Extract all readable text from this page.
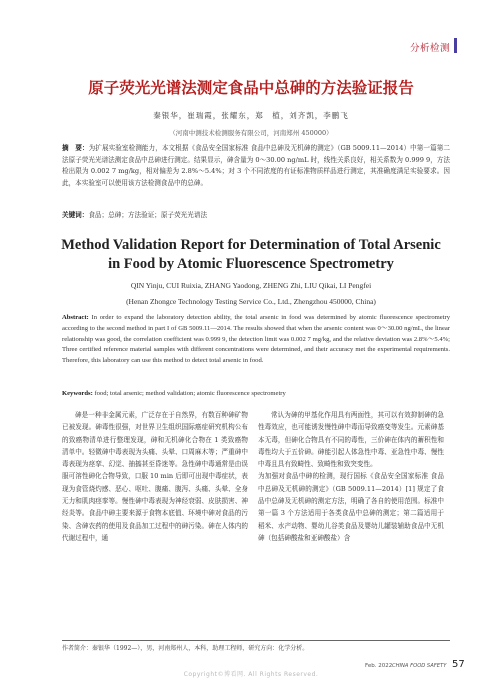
分析检测
原子荧光光谱法测定食品中总砷的方法验证报告
秦银华，崔瑞霞，张耀东，郑　植，刘齐凯，李鹏飞
（河南中测技术检测服务有限公司，河南郑州 450000）
摘　要：为扩展实验室检测能力，本文根据《食品安全国家标准 食品中总砷及无机砷的测定》（GB 5009.11—2014）中第一篇第二法原子荧光光谱法测定食品中总砷进行测定。结果显示，砷含量为 0～30.00 ng/mL 时，线性关系良好，相关系数为 0.999 9，方法检出限为 0.002 7 mg/kg，相对偏差为 2.8%～5.4%；对 3 个不同浓度的有证标准物质样品进行测定，其准确度满足实验要求。因此，本实验室可以使用该方法检测食品中的总砷。
关键词：食品；总砷；方法验证；原子荧光光谱法
Method Validation Report for Determination of Total Arsenic
in Food by Atomic Fluorescence Spectrometry
QIN Yinju, CUI Ruixia, ZHANG Yaodong, ZHENG Zhi, LIU Qikai, LI Pengfei
(Henan Zhongce Technology Testing Service Co., Ltd., Zhengzhou 450000, China)
Abstract: In order to expand the laboratory detection ability, the total arsenic in food was determined by atomic fluorescence spectrometry according to the second method in part I of GB 5009.11—2014. The results showed that when the arsenic content was 0～30.00 ng/mL, the linear relationship was good, the correlation coefficient was 0.999 9, the detection limit was 0.002 7 mg/kg, and the relative deviation was 2.8%～5.4%; Three certified reference material samples with different concentrations were determined, and their accuracy met the experimental requirements. Therefore, this laboratory can use this method to detect total arsenic in food.
Keywords: food; total arsenic; method validation; atomic fluorescence spectrometry
砷是一种非金属元素，广泛存在于自然界，有数百种砷矿物已被发现。砷毒性很强，对世界卫生组织国际癌症研究机构公布的致癌物清单进行整理发现，砷和无机砷化合物在 1 类致癌物清单中。轻微砷中毒表现为头痛、头晕、口周麻木等；严重砷中毒表现为痉挛、幻觉、抽搐甚至昏迷等。急性砷中毒通常是由误服可溶性砷化合物导致，口服 10 min 后即可出现中毒症状，表现为食管烧灼感、恶心、呕吐、腹痛、腹泻、头痛、头晕、全身无力和肌肉痉挛等。慢性砷中毒表现为神经衰弱、皮肤损害、神经炎等。食品中砷主要来源于食物本底值、环境中砷对食品的污染、含砷农药的使用及食品加工过程中的砷污染。砷在人体内的代谢过程中，通
常认为砷的甲基化作用具有两面性，其可以有效抑制砷的急性毒效应，也可能诱发慢性砷中毒而导致癌变等发生。元素砷基本无毒，但砷化合物具有不同的毒性，三价砷在体内的蓄积性和毒性均大于五价砷。砷能引起人体急性中毒、亚急性中毒、慢性中毒且具有致畸性、致畸性和致突变性。
为加强对食品中砷的检测，现行国标《食品安全国家标准 食品中总砷及无机砷的测定》（GB 5009.11—2014）[1] 规定了食品中总砷及无机砷的测定方法，明确了各自的使用范围。标准中第一篇 3 个方法适用于各类食品中总砷的测定；第二篇适用于稻米、水产动物、婴幼儿谷类食品及婴幼儿罐装辅助食品中无机砷（包括砷酸盐和亚砷酸盐）含
作者简介：秦银华（1992—），男，河南郑州人，本科，助理工程师，研究方向：化学分析。
Feb. 2022 CHINA FOOD SAFETY 57
Copyright©博看网. All Rights Reserved.
